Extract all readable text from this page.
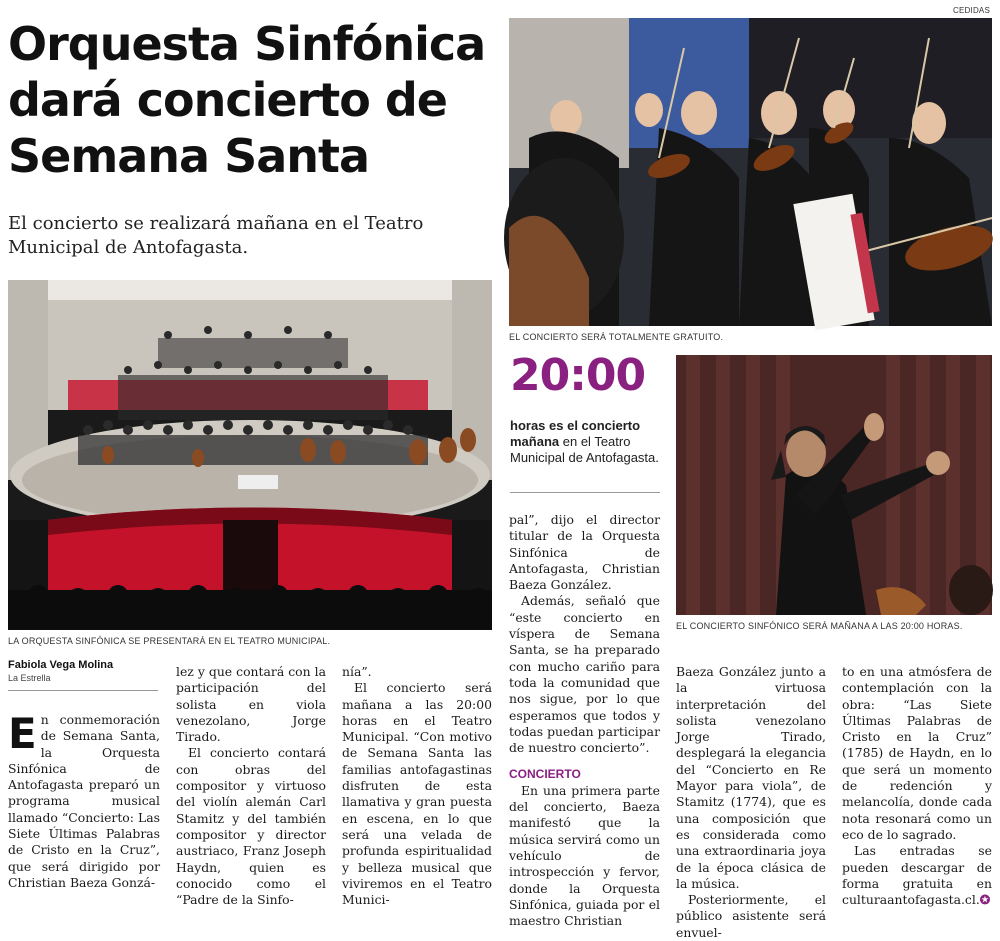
CEDIDAS
Orquesta Sinfónica dará concierto de Semana Santa
El concierto se realizará mañana en el Teatro Municipal de Antofagasta.
LA ORQUESTA SINFÓNICA SE PRESENTARÁ EN EL TEATRO MUNICIPAL.
EL CONCIERTO SERÁ TOTALMENTE GRATUITO.
20:00
horas es el concierto mañana en el Teatro Municipal de Antofagasta.
EL CONCIERTO SINFÓNICO SERÁ MAÑANA A LAS 20:00 HORAS.
Fabiola Vega Molina
La Estrella

En conmemoración de Semana Santa, la Orquesta Sinfónica de Antofagasta preparó un programa musical llamado “Concierto: Las Siete Últimas Palabras de Cristo en la Cruz”, que será dirigido por Christian Baeza Gonzá-

lez y que contará con la participación del solista en viola venezolano, Jorge Tirado.

El concierto contará con obras del compositor y virtuoso del violín alemán Carl Stamitz y del también compositor y director austriaco, Franz Joseph Haydn, quien es conocido como el “Padre de la Sinfo-

nía”.

El concierto será mañana a las 20:00 horas en el Teatro Municipal. “Con motivo de Semana Santa las familias antofagastinas disfruten de esta llamativa y gran puesta en escena, en lo que será una velada de profunda espiritualidad y belleza musical que viviremos en el Teatro Munici-

pal”, dijo el director titular de la Orquesta Sinfónica de Antofagasta, Christian Baeza González.

Además, señaló que “este concierto en víspera de Semana Santa, se ha preparado con mucho cariño para toda la comunidad que nos sigue, por lo que esperamos que todos y todas puedan participar de nuestro concierto”.

CONCIERTO

En una primera parte del concierto, Baeza manifestó que la música servirá como un vehículo de introspección y fervor, donde la Orquesta Sinfónica, guiada por el maestro Christian

Baeza González junto a la virtuosa interpretación del solista venezolano Jorge Tirado, desplegará la elegancia del “Concierto en Re Mayor para viola”, de Stamitz (1774), que es una composición que es considerada como una extraordinaria joya de la época clásica de la música.

Posteriormente, el público asistente será envuel-

to en una atmósfera de contemplación con la obra: “Las Siete Últimas Palabras de Cristo en la Cruz” (1785) de Haydn, en lo que será un momento de redención y melancolía, donde cada nota resonará como un eco de lo sagrado.

Las entradas se pueden descargar de forma gratuita en culturaantofagasta.cl.✪
